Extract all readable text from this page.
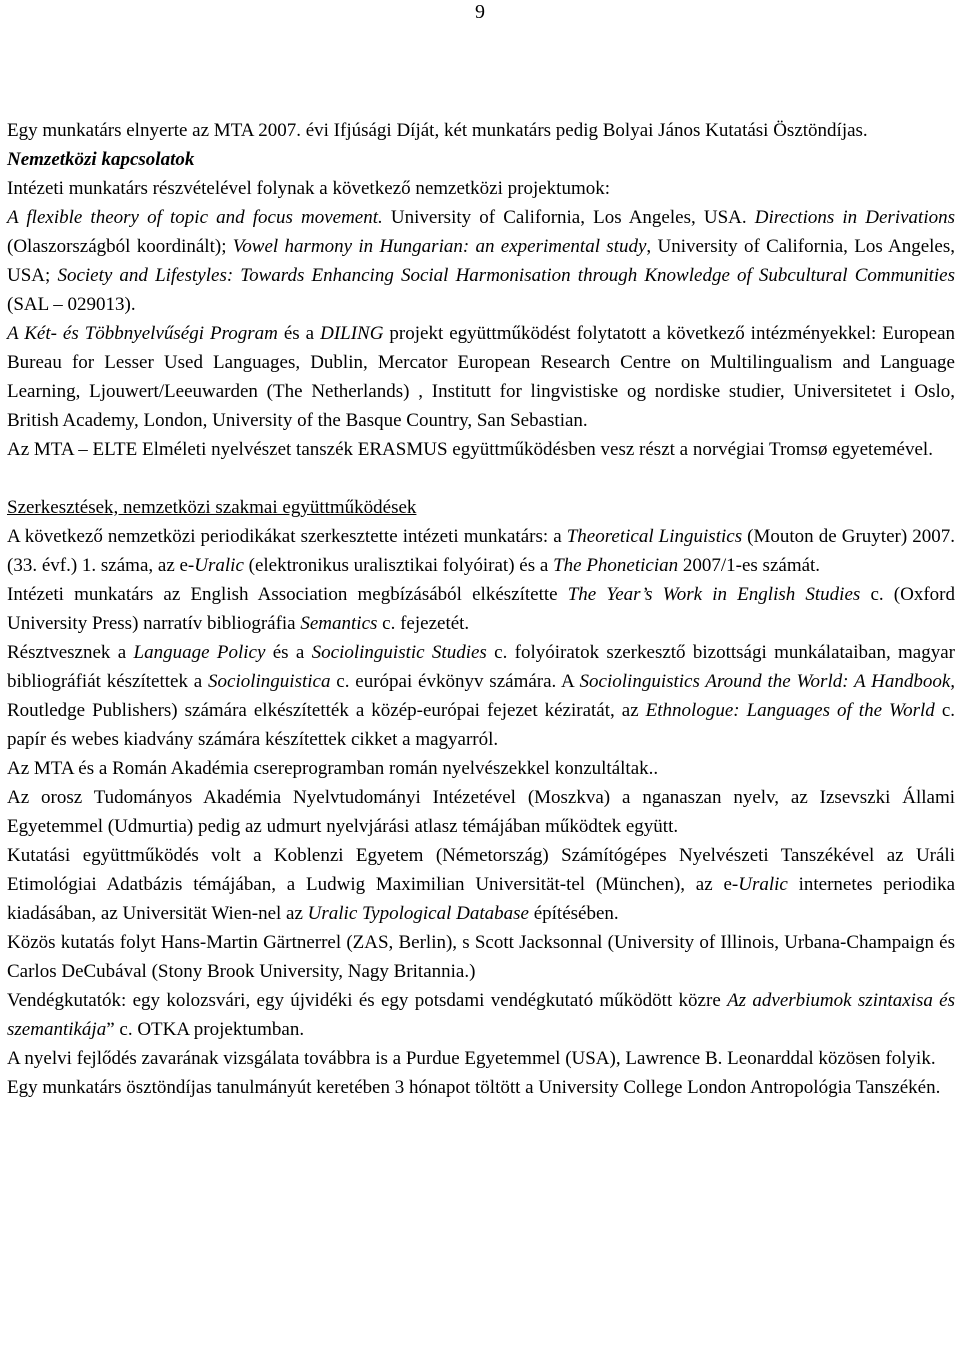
9

Egy munkatárs elnyerte az MTA 2007. évi Ifjúsági Díját, két munkatárs pedig Bolyai János Kutatási Ösztöndíjas.

Nemzetközi kapcsolatok

Intézeti munkatárs részvételével folynak a következő nemzetközi projektumok:

A flexible theory of topic and focus movement. University of California, Los Angeles, USA. Directions in Derivations (Olaszországból koordinált); Vowel harmony in Hungarian: an experimental study, University of California, Los Angeles, USA; Society and Lifestyles: Towards Enhancing Social Harmonisation through Knowledge of Subcultural Communities (SAL – 029013).

A Két- és Többnyelvűségi Program és a DILING projekt együttműködést folytatott a következő intézményekkel: European Bureau for Lesser Used Languages, Dublin, Mercator European Research Centre on Multilingualism and Language Learning, Ljouwert/Leeuwarden (The Netherlands) , Institutt for lingvistiske og nordiske studier, Universitetet i Oslo, British Academy, London, University of the Basque Country, San Sebastian.

Az MTA – ELTE Elméleti nyelvészet tanszék ERASMUS együttműködésben vesz részt a norvégiai Tromsø egyetemével.

Szerkesztések, nemzetközi szakmai együttműködések

A következő nemzetközi periodikákat szerkesztette intézeti munkatárs: a Theoretical Linguistics (Mouton de Gruyter) 2007. (33. évf.) 1. száma, az e-Uralic (elektronikus uralisztikai folyóirat) és a The Phonetician 2007/1-es számát.

Intézeti munkatárs az English Association megbízásából elkészítette The Year’s Work in English Studies c. (Oxford University Press) narratív bibliográfia Semantics c. fejezetét.

Résztvesznek a Language Policy és a Sociolinguistic Studies c. folyóiratok szerkesztő bizottsági munkálataiban, magyar bibliográfiát készítettek a Sociolinguistica c. európai évkönyv számára. A Sociolinguistics Around the World: A Handbook, Routledge Publishers) számára elkészítették a közép-európai fejezet kéziratát, az Ethnologue: Languages of the World c. papír és webes kiadvány számára készítettek cikket a magyarról.

Az MTA és a Román Akadémia csereprogramban román nyelvészekkel konzultáltak..

Az orosz Tudományos Akadémia Nyelvtudományi Intézetével (Moszkva) a nganaszan nyelv, az Izsevszki Állami Egyetemmel (Udmurtia) pedig az udmurt nyelvjárási atlasz témájában működtek együtt.

Kutatási együttműködés volt a Koblenzi Egyetem (Németország) Számítógépes Nyelvészeti Tanszékével az Uráli Etimológiai Adatbázis témájában, a Ludwig Maximilian Universität-tel (München), az e-Uralic internetes periodika kiadásában, az Universität Wien-nel az Uralic Typological Database építésében.

Közös kutatás folyt Hans-Martin Gärtnerrel (ZAS, Berlin), s Scott Jacksonnal (University of Illinois, Urbana-Champaign és Carlos DeCubával (Stony Brook University, Nagy Britannia.)

Vendégkutatók: egy kolozsvári, egy újvidéki és egy potsdami vendégkutató működött közre Az adverbiumok szintaxisa és szemantikája” c. OTKA projektumban.

A nyelvi fejlődés zavarának vizsgálata továbbra is a Purdue Egyetemmel (USA), Lawrence B. Leonarddal közösen folyik.

Egy munkatárs ösztöndíjas tanulmányút keretében 3 hónapot töltött a University College London Antropológia Tanszékén.
